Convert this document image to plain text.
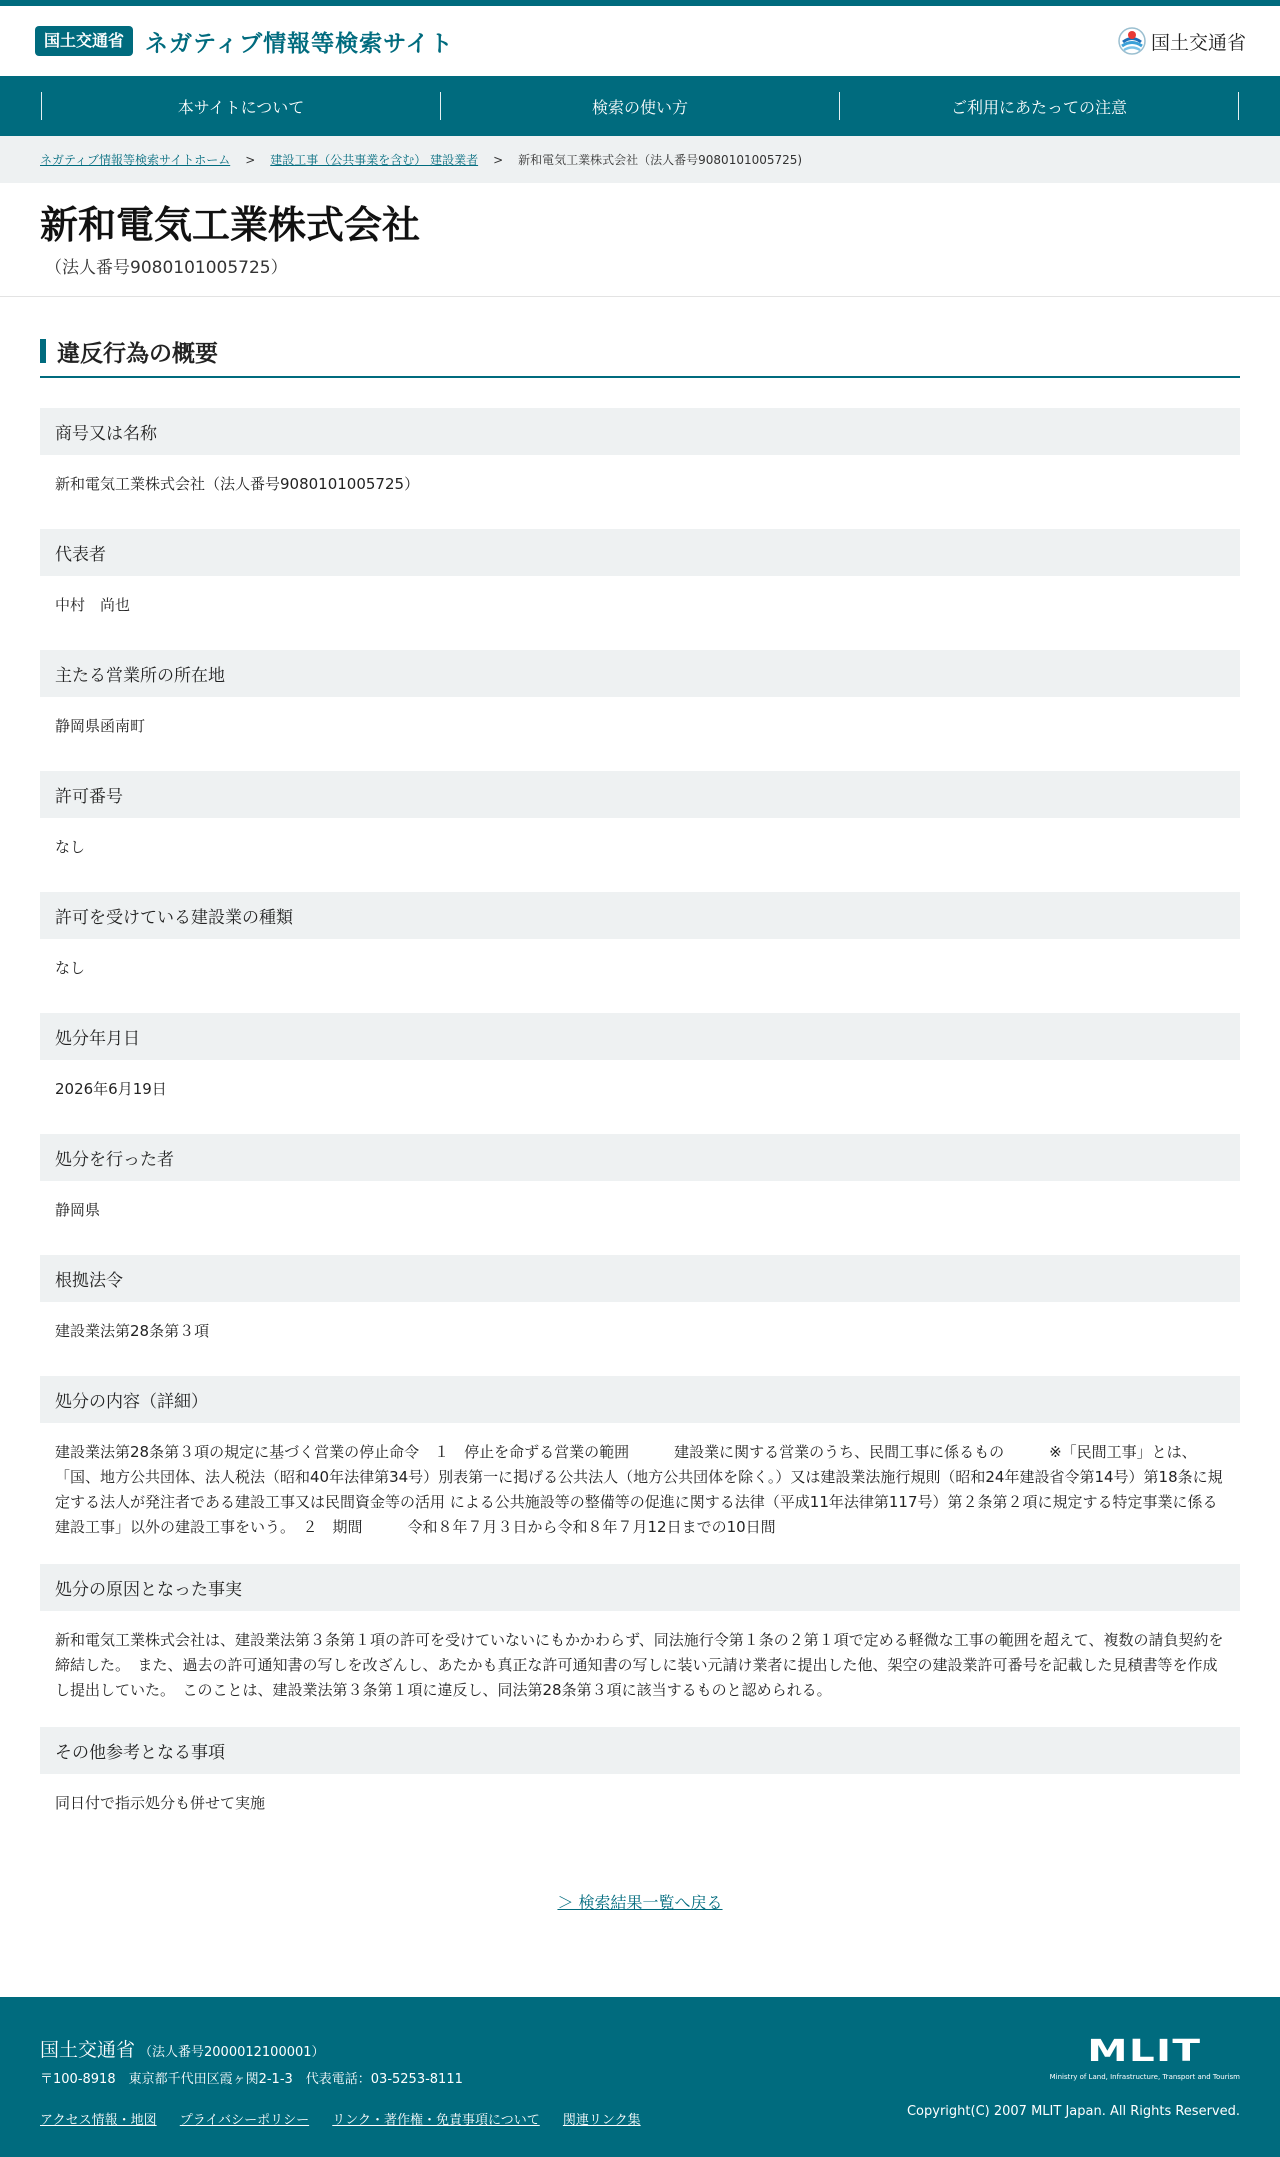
国土交通省 ネガティブ情報等検索サイト	国土交通省
本サイトについて	検索の使い方	ご利用にあたっての注意
ネガティブ情報等検索サイトホーム > 建設工事（公共事業を含む） 建設業者 > 新和電気工業株式会社（法人番号9080101005725)
新和電気工業株式会社
（法人番号9080101005725）
違反行為の概要
商号又は名称
新和電気工業株式会社（法人番号9080101005725）
代表者
中村　尚也
主たる営業所の所在地
静岡県函南町
許可番号
なし
許可を受けている建設業の種類
なし
処分年月日
2026年6月19日
処分を行った者
静岡県
根拠法令
建設業法第28条第３項
処分の内容（詳細）
建設業法第28条第３項の規定に基づく営業の停止命令　１　停止を命ずる営業の範囲　　　建設業に関する営業のうち、民間工事に係るもの　　　※「民間工事」とは、「国、地方公共団体、法人税法（昭和40年法律第34号）別表第一に掲げる公共法人（地方公共団体を除く。）又は建設業法施行規則（昭和24年建設省令第14号）第18条に規定する法人が発注者である建設工事又は民間資金等の活用 による公共施設等の整備等の促進に関する法律（平成11年法律第117号）第２条第２項に規定する特定事業に係る建設工事」以外の建設工事をいう。　２　期間　　　令和８年７月３日から令和８年７月12日までの10日間
処分の原因となった事実
新和電気工業株式会社は、建設業法第３条第１項の許可を受けていないにもかかわらず、同法施行令第１条の２第１項で定める軽微な工事の範囲を超えて、複数の請負契約を締結した。　また、過去の許可通知書の写しを改ざんし、あたかも真正な許可通知書の写しに装い元請け業者に提出した他、架空の建設業許可番号を記載した見積書等を作成し提出していた。　このことは、建設業法第３条第１項に違反し、同法第28条第３項に該当するものと認められる。
その他参考となる事項
同日付で指示処分も併せて実施
＞ 検索結果一覧へ戻る
国土交通省 （法人番号2000012100001）
〒100-8918　東京都千代田区霞ヶ関2-1-3　代表電話：03-5253-8111
アクセス情報・地図 プライバシーポリシー リンク・著作権・免責事項について 関連リンク集
MLIT
Ministry of Land, Infrastructure, Transport and Tourism
Copyright(C) 2007 MLIT Japan. All Rights Reserved.
